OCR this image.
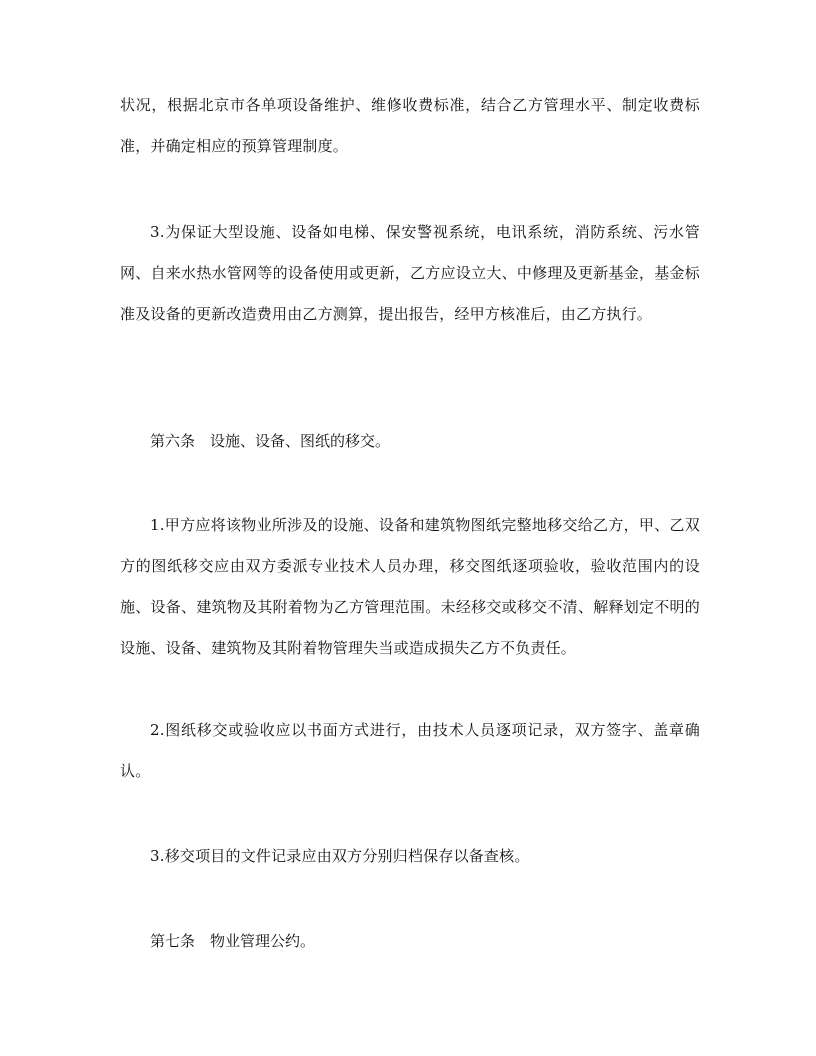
状况，根据北京市各单项设备维护、维修收费标准，结合乙方管理水平、制定收费标准，并确定相应的预算管理制度。

3.为保证大型设施、设备如电梯、保安警视系统，电讯系统，消防系统、污水管网、自来水热水管网等的设备使用或更新，乙方应设立大、中修理及更新基金，基金标准及设备的更新改造费用由乙方测算，提出报告，经甲方核准后，由乙方执行。

第六条　设施、设备、图纸的移交。

1.甲方应将该物业所涉及的设施、设备和建筑物图纸完整地移交给乙方，甲、乙双方的图纸移交应由双方委派专业技术人员办理，移交图纸逐项验收，验收范围内的设施、设备、建筑物及其附着物为乙方管理范围。未经移交或移交不清、解释划定不明的设施、设备、建筑物及其附着物管理失当或造成损失乙方不负责任。

2.图纸移交或验收应以书面方式进行，由技术人员逐项记录，双方签字、盖章确认。

3.移交项目的文件记录应由双方分别归档保存以备查核。

第七条　物业管理公约。
